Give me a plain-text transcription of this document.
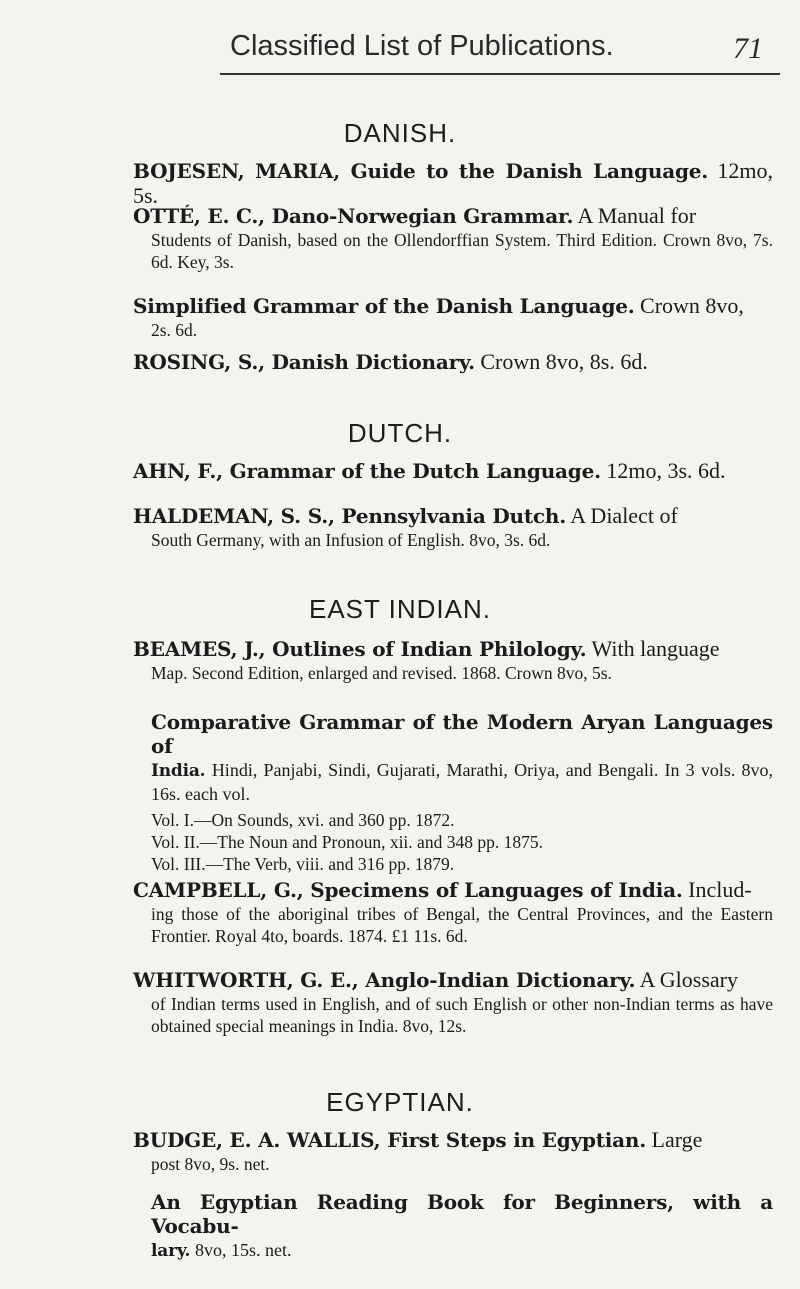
Classified List of Publications.	71
DANISH.
BOJESEN, MARIA, Guide to the Danish Language. 12mo, 5s.
OTTÉ, E. C., Dano-Norwegian Grammar. A Manual for
Students of Danish, based on the Ollendorffian System. Third Edition. Crown 8vo, 7s. 6d. Key, 3s.
Simplified Grammar of the Danish Language. Crown 8vo,
2s. 6d.
ROSING, S., Danish Dictionary. Crown 8vo, 8s. 6d.
DUTCH.
AHN, F., Grammar of the Dutch Language. 12mo, 3s. 6d.
HALDEMAN, S. S., Pennsylvania Dutch. A Dialect of
South Germany, with an Infusion of English. 8vo, 3s. 6d.
EAST INDIAN.
BEAMES, J., Outlines of Indian Philology. With language
Map. Second Edition, enlarged and revised. 1868. Crown 8vo, 5s.
Comparative Grammar of the Modern Aryan Languages of
India. Hindi, Panjabi, Sindi, Gujarati, Marathi, Oriya, and Bengali. In 3 vols. 8vo, 16s. each vol.
Vol. I.—On Sounds, xvi. and 360 pp. 1872.
Vol. II.—The Noun and Pronoun, xii. and 348 pp. 1875.
Vol. III.—The Verb, viii. and 316 pp. 1879.
CAMPBELL, G., Specimens of Languages of India. Includ-
ing those of the aboriginal tribes of Bengal, the Central Provinces, and the Eastern Frontier. Royal 4to, boards. 1874. £1 11s. 6d.
WHITWORTH, G. E., Anglo-Indian Dictionary. A Glossary
of Indian terms used in English, and of such English or other non-Indian terms as have obtained special meanings in India. 8vo, 12s.
EGYPTIAN.
BUDGE, E. A. WALLIS, First Steps in Egyptian. Large
post 8vo, 9s. net.
An Egyptian Reading Book for Beginners, with a Vocabu-
lary. 8vo, 15s. net.
